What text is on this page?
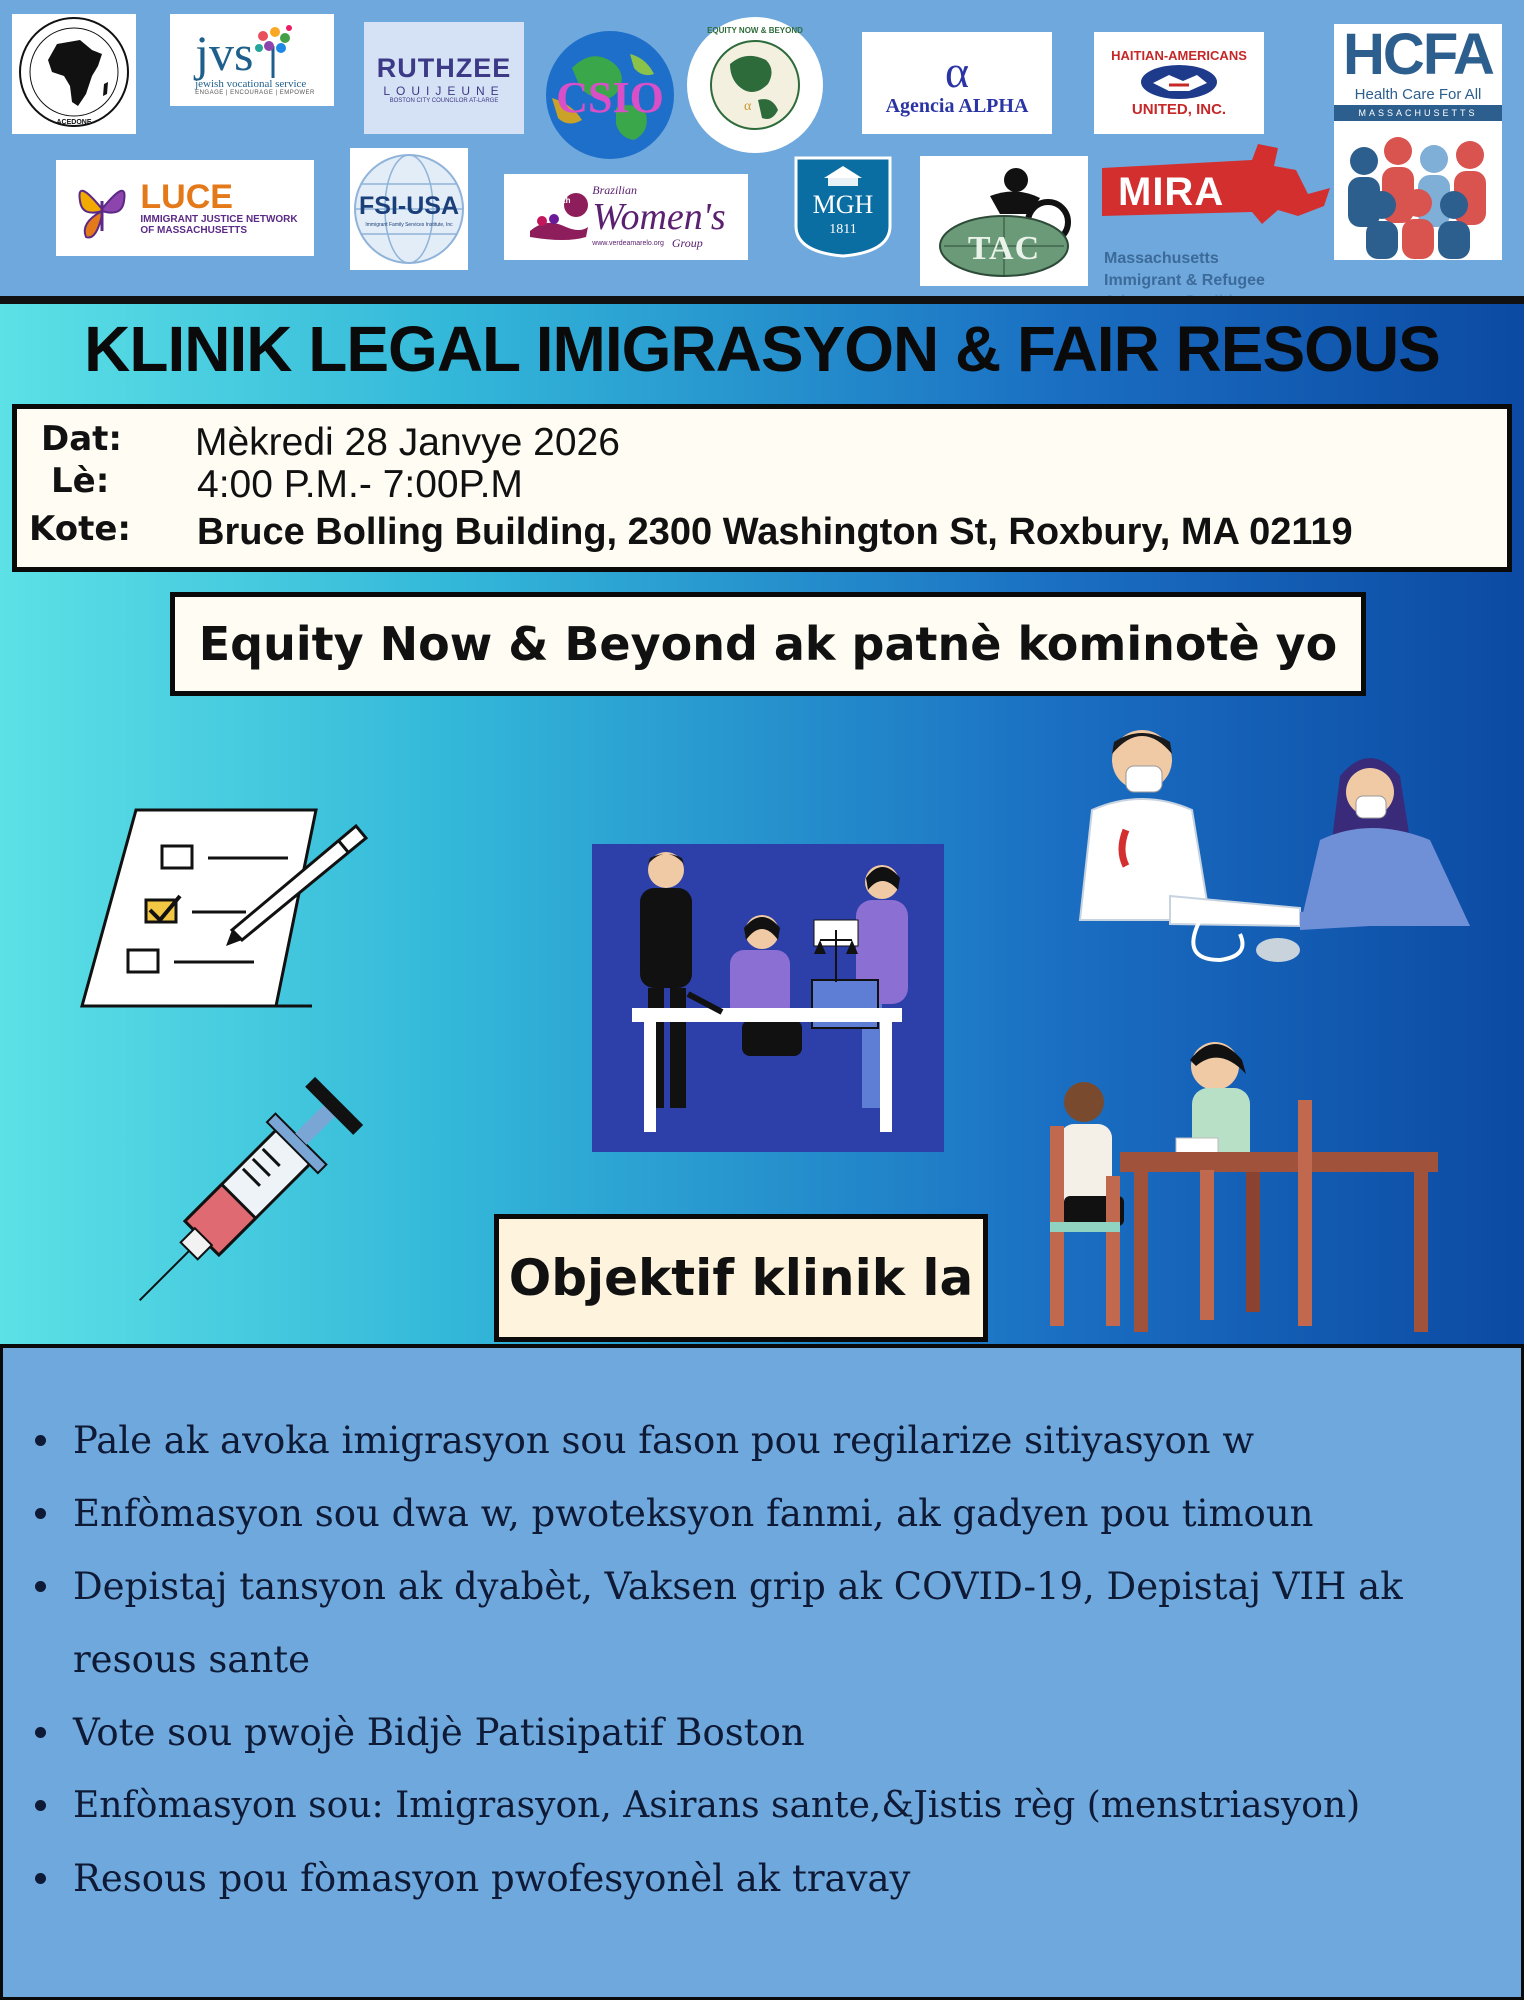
ACEDONE
jvs
jewish vocational service
ENGAGE | ENCOURAGE | EMPOWER
RUTHZEE
LOUIJEUNE
BOSTON CITY COUNCILOR AT-LARGE CSIO	α
EQUITY NOW & BEYOND
α
Agencia ALPHA
HAITIAN-AMERICANS
UNITED, INC.
HCFA
Health Care For All
MASSACHUSETTS
LUCE
IMMIGRANT JUSTICE NETWORK
OF MASSACHUSETTS
FSI-USA
Immigrant Family Services Institute, Inc
29th
Brazilian
Women's
www.verdeamarelo.org Group
MGH
1811
TAC
MIRA
Massachusetts
Immigrant & Refugee
KLINIK LEGAL IMIGRASYON & FAIR RESOUS
Dat: Mèkredi 28 Janvye 2026
Lè: 4:00 P.M.- 7:00P.M
Kote: Bruce Bolling Building, 2300 Washington St, Roxbury, MA 02119
Equity Now & Beyond ak patnè kominotè yo
Objektif klinik la
Pale ak avoka imigrasyon sou fason pou regilarize sitiyasyon w
Enfòmasyon sou dwa w, pwoteksyon fanmi, ak gadyen pou timoun
Depistaj tansyon ak dyabèt, Vaksen grip ak COVID-19, Depistaj VIH ak resous sante
Vote sou pwojè Bidjè Patisipatif Boston
Enfòmasyon sou: Imigrasyon, Asirans sante,&Jistis règ (menstriasyon)
Resous pou fòmasyon pwofesyonèl ak travay
